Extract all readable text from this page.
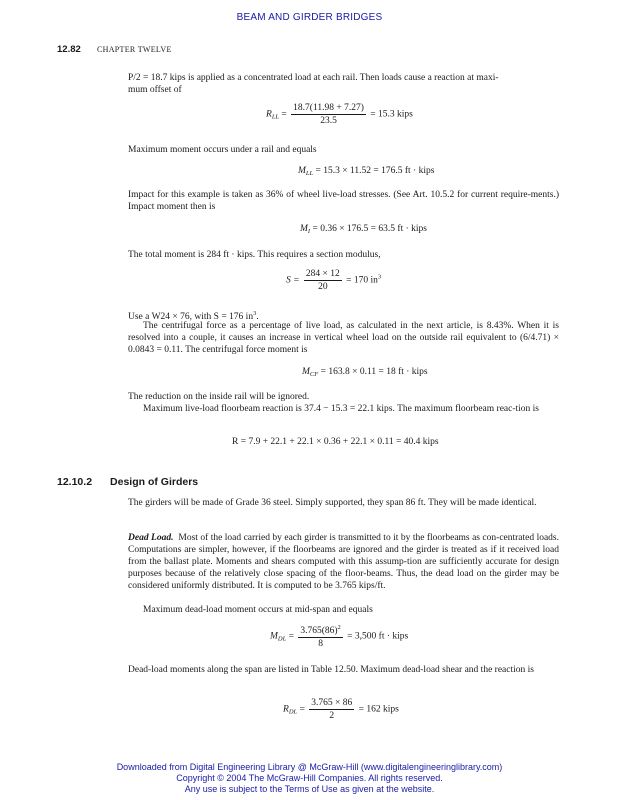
BEAM AND GIRDER BRIDGES
12.82 CHAPTER TWELVE
P/2 = 18.7 kips is applied as a concentrated load at each rail. Then loads cause a reaction at maxi-
mum offset of
$R_{LL} = \frac{18.7(11.98 + 7.27)}{23.5} = 15.3$ kips
Maximum moment occurs under a rail and equals
$M_{LL} = 15.3 \times 11.52 = 176.5$ ft · kips
Impact for this example is taken as 36% of wheel live-load stresses. (See Art. 10.5.2 for current require-ments.) Impact moment then is
$M_I = 0.36 \times 176.5 = 63.5$ ft · kips
The total moment is 284 ft · kips. This requires a section modulus,
$S = \frac{284 \times 12}{20} = 170$ $in^3$
Use a W24 × 76, with S = 176 $in^3$.
The centrifugal force as a percentage of live load, as calculated in the next article, is 8.43%. When it is resolved into a couple, it causes an increase in vertical wheel load on the outside rail equivalent to (6/4.71) × 0.0843 = 0.11. The centrifugal force moment is
$M_{CF} = 163.8 \times 0.11 = 18$ ft · kips
The reduction on the inside rail will be ignored.
Maximum live-load floorbeam reaction is 37.4 − 15.3 = 22.1 kips. The maximum floorbeam reac-tion is
R = 7.9 + 22.1 + 22.1 × 0.36 + 22.1 × 0.11 = 40.4 kips
12.10.2 Design of Girders
The girders will be made of Grade 36 steel. Simply supported, they span 86 ft. They will be made identical.
Dead Load. Most of the load carried by each girder is transmitted to it by the floorbeams as con-centrated loads. Computations are simpler, however, if the floorbeams are ignored and the girder is treated as if it received load from the ballast plate. Moments and shears computed with this assump-tion are sufficiently accurate for design purposes because of the relatively close spacing of the floor-beams. Thus, the dead load on the girder may be considered uniformly distributed. It is computed to be 3.765 kips/ft.
Maximum dead-load moment occurs at mid-span and equals
$M_{DL} = \frac{3.765(86)^2}{8} = 3,500$ ft · kips
Dead-load moments along the span are listed in Table 12.50. Maximum dead-load shear and the reaction is
$R_{DL} = \frac{3.765 \times 86}{2} = 162$ kips
Downloaded from Digital Engineering Library @ McGraw-Hill (www.digitalengineeringlibrary.com)
Copyright © 2004 The McGraw-Hill Companies. All rights reserved.
Any use is subject to the Terms of Use as given at the website.
